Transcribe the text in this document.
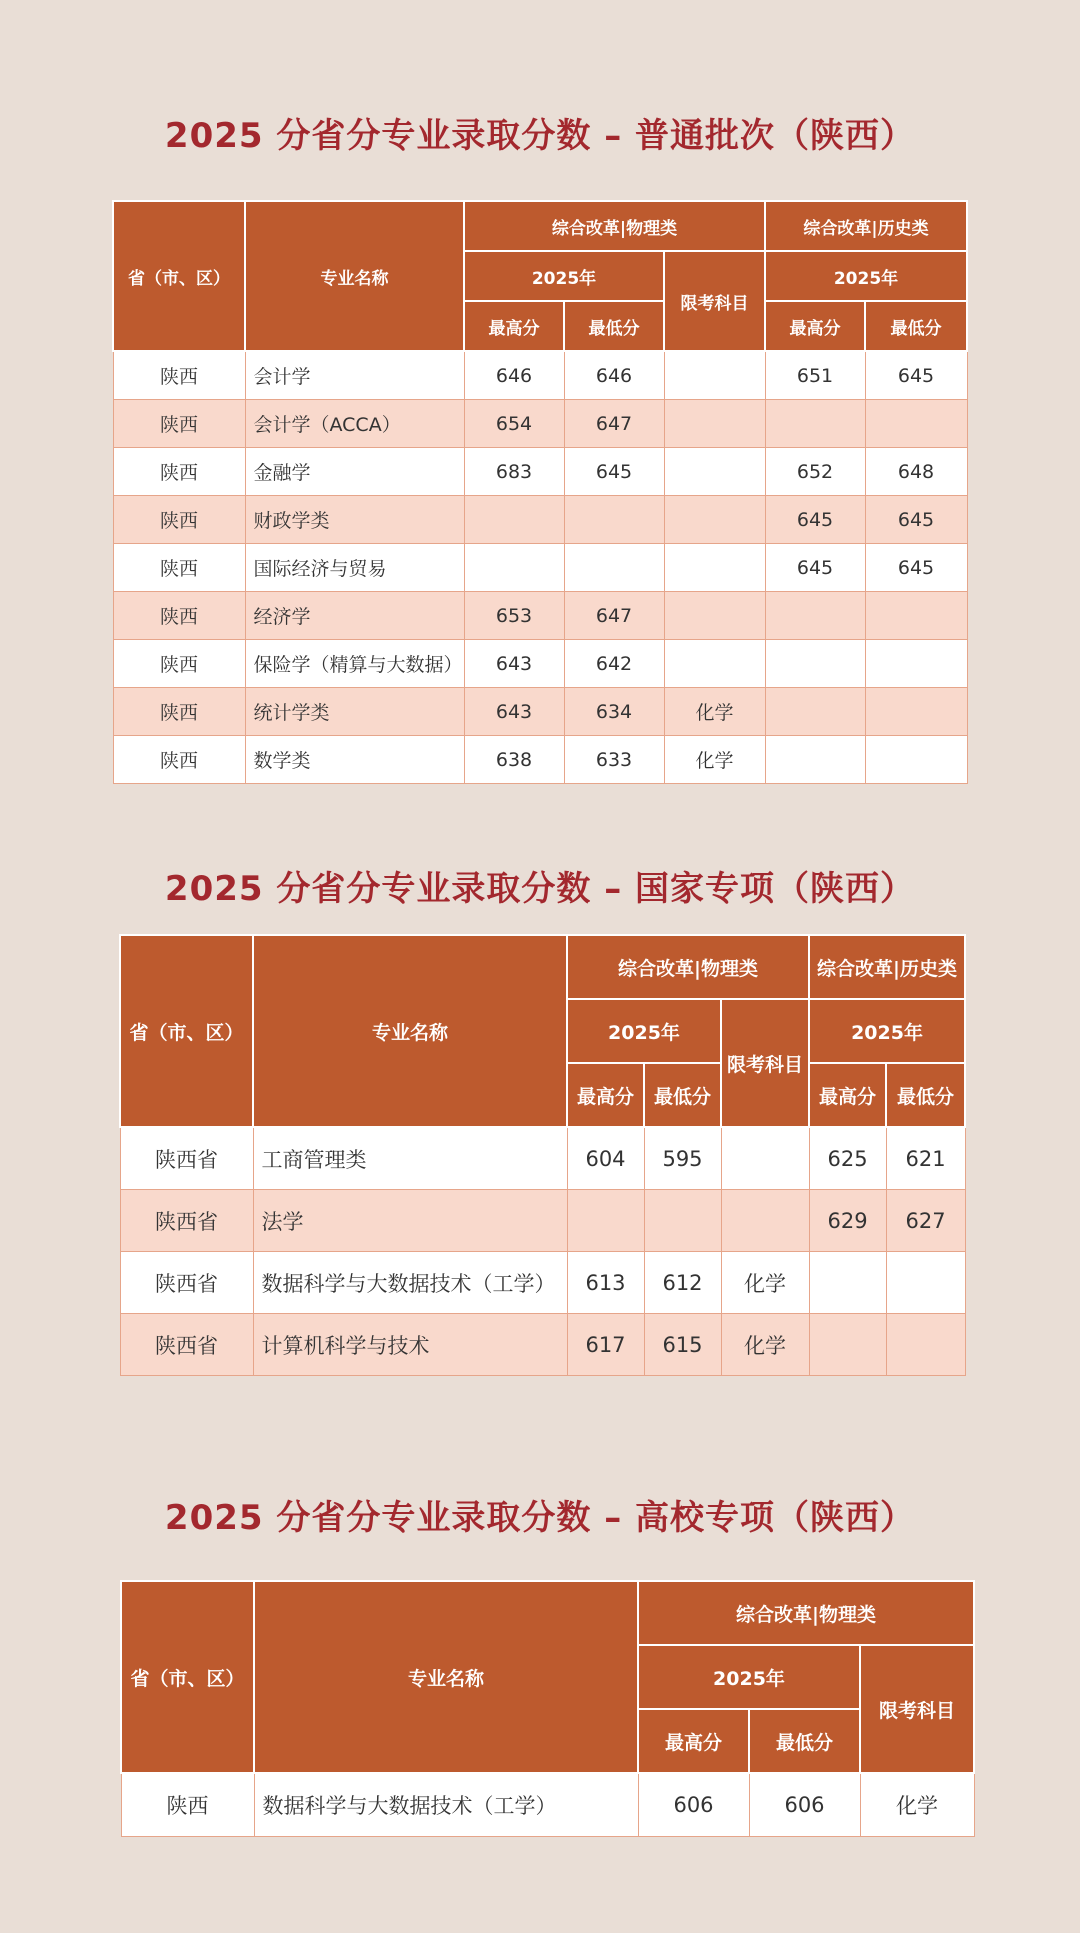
2025 分省分专业录取分数 – 普通批次（陕西）
省（市、区）	专业名称	综合改革|物理类			综合改革|历史类	
		2025年		限考科目	2025年	
		最高分	最低分		最高分	最低分
陕西	会计学	646	646		651	645
陕西	会计学（ACCA）	654	647			
陕西	金融学	683	645		652	648
陕西	财政学类				645	645
陕西	国际经济与贸易				645	645
陕西	经济学	653	647			
陕西	保险学（精算与大数据）	643	642			
陕西	统计学类	643	634	化学		
陕西	数学类	638	633	化学		
2025 分省分专业录取分数 – 国家专项（陕西）
省（市、区）	专业名称	综合改革|物理类			综合改革|历史类	
		2025年		限考科目	2025年	
		最高分	最低分		最高分	最低分
陕西省	工商管理类	604	595		625	621
陕西省	法学				629	627
陕西省	数据科学与大数据技术（工学）	613	612	化学		
陕西省	计算机科学与技术	617	615	化学		
2025 分省分专业录取分数 – 高校专项（陕西）
省（市、区）	专业名称	综合改革|物理类		
		2025年		限考科目
		最高分	最低分	
陕西	数据科学与大数据技术（工学）	606	606	化学
